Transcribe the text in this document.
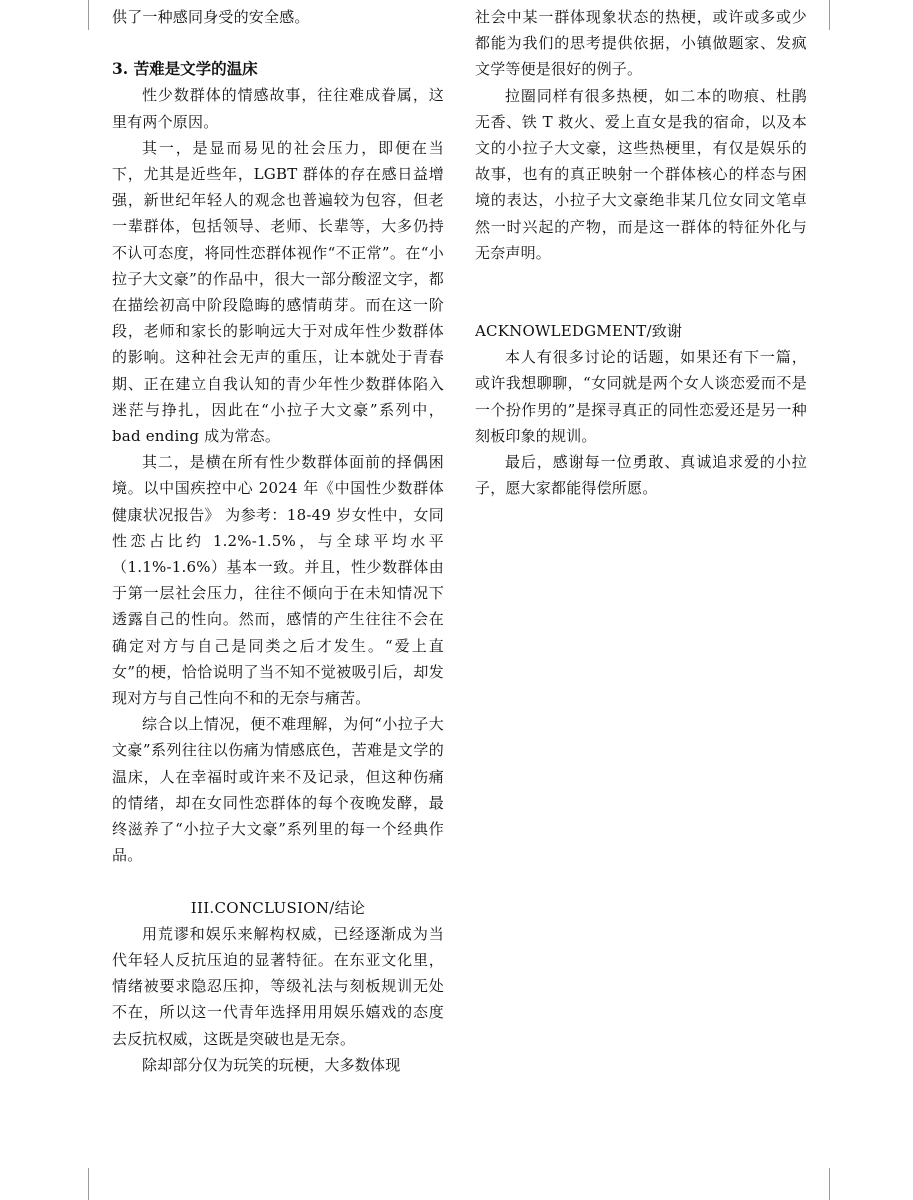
供了一种感同身受的安全感。

3. 苦难是文学的温床

性少数群体的情感故事，往往难成眷属，这里有两个原因。

其一，是显而易见的社会压力，即便在当下，尤其是近些年，LGBT 群体的存在感日益增强，新世纪年轻人的观念也普遍较为包容，但老一辈群体，包括领导、老师、长辈等，大多仍持不认可态度，将同性恋群体视作“不正常”。在“小拉子大文豪”的作品中，很大一部分酸涩文字，都在描绘初高中阶段隐晦的感情萌芽。而在这一阶段，老师和家长的影响远大于对成年性少数群体的影响。这种社会无声的重压，让本就处于青春期、正在建立自我认知的青少年性少数群体陷入迷茫与挣扎，因此在“小拉子大文豪”系列中，bad ending 成为常态。

其二，是横在所有性少数群体面前的择偶困境。以中国疾控中心 2024 年《中国性少数群体健康状况报告》 为参考：18-49 岁女性中，女同性恋占比约 1.2%-1.5%，与全球平均水平（1.1%-1.6%）基本一致。并且，性少数群体由于第一层社会压力，往往不倾向于在未知情况下透露自己的性向。然而，感情的产生往往不会在确定对方与自己是同类之后才发生。“爱上直女”的梗，恰恰说明了当不知不觉被吸引后，却发现对方与自己性向不和的无奈与痛苦。

综合以上情况，便不难理解，为何“小拉子大文豪”系列往往以伤痛为情感底色，苦难是文学的温床，人在幸福时或许来不及记录，但这种伤痛的情绪，却在女同性恋群体的每个夜晚发酵，最终滋养了“小拉子大文豪”系列里的每一个经典作品。

III.CONCLUSION/结论

用荒谬和娱乐来解构权威，已经逐渐成为当代年轻人反抗压迫的显著特征。在东亚文化里，情绪被要求隐忍压抑，等级礼法与刻板规训无处不在，所以这一代青年选择用用娱乐嬉戏的态度去反抗权威，这既是突破也是无奈。

除却部分仅为玩笑的玩梗，大多数体现

社会中某一群体现象状态的热梗，或许或多或少都能为我们的思考提供依据，小镇做题家、发疯文学等便是很好的例子。

拉圈同样有很多热梗，如二本的吻痕、杜鹃无香、铁 T 救火、爱上直女是我的宿命，以及本文的小拉子大文豪，这些热梗里，有仅是娱乐的故事，也有的真正映射一个群体核心的样态与困境的表达，小拉子大文豪绝非某几位女同文笔卓然一时兴起的产物，而是这一群体的特征外化与无奈声明。

ACKNOWLEDGMENT/致谢

本人有很多讨论的话题，如果还有下一篇，或许我想聊聊，“女同就是两个女人谈恋爱而不是一个扮作男的”是探寻真正的同性恋爱还是另一种刻板印象的规训。

最后，感谢每一位勇敢、真诚追求爱的小拉子，愿大家都能得偿所愿。
